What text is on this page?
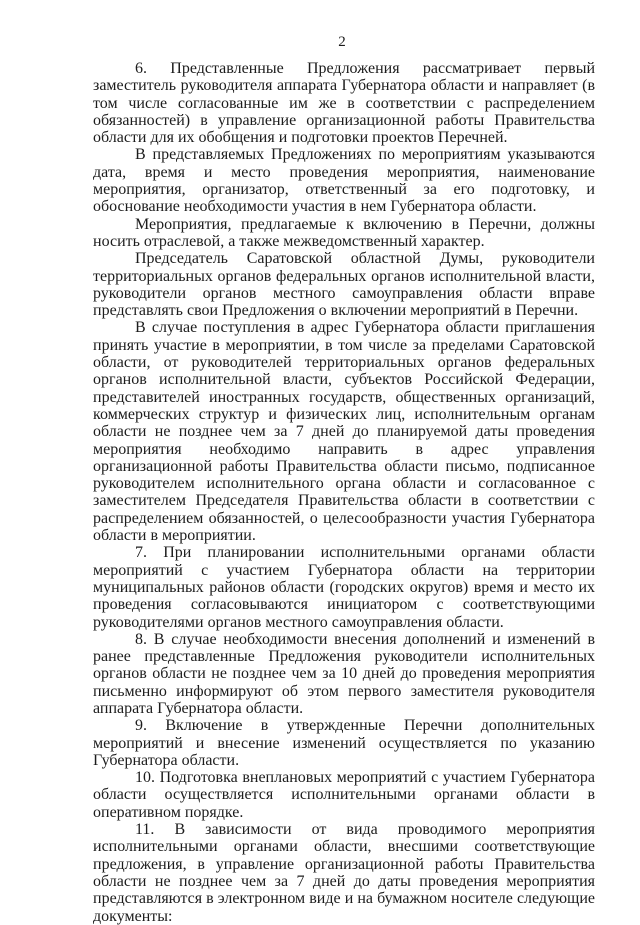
2

6. Представленные Предложения рассматривает первый заместитель руководителя аппарата Губернатора области и направляет (в том числе согласованные им же в соответствии с распределением обязанностей) в управление организационной работы Правительства области для их обобщения и подготовки проектов Перечней.

В представляемых Предложениях по мероприятиям указываются дата, время и место проведения мероприятия, наименование мероприятия, организатор, ответственный за его подготовку, и обоснование необходимости участия в нем Губернатора области.

Мероприятия, предлагаемые к включению в Перечни, должны носить отраслевой, а также межведомственный характер.

Председатель Саратовской областной Думы, руководители территориальных органов федеральных органов исполнительной власти, руководители органов местного самоуправления области вправе представлять свои Предложения о включении мероприятий в Перечни.

В случае поступления в адрес Губернатора области приглашения принять участие в мероприятии, в том числе за пределами Саратовской области, от руководителей территориальных органов федеральных органов исполнительной власти, субъектов Российской Федерации, представителей иностранных государств, общественных организаций, коммерческих структур и физических лиц, исполнительным органам области не позднее чем за 7 дней до планируемой даты проведения мероприятия необходимо направить в адрес управления организационной работы Правительства области письмо, подписанное руководителем исполнительного органа области и согласованное с заместителем Председателя Правительства области в соответствии с распределением обязанностей, о целесообразности участия Губернатора области в мероприятии.

7. При планировании исполнительными органами области мероприятий с участием Губернатора области на территории муниципальных районов области (городских округов) время и место их проведения согласовываются инициатором с соответствующими руководителями органов местного самоуправления области.

8. В случае необходимости внесения дополнений и изменений в ранее представленные Предложения руководители исполнительных органов области не позднее чем за 10 дней до проведения мероприятия письменно информируют об этом первого заместителя руководителя аппарата Губернатора области.

9. Включение в утвержденные Перечни дополнительных мероприятий и внесение изменений осуществляется по указанию Губернатора области.

10. Подготовка внеплановых мероприятий с участием Губернатора области осуществляется исполнительными органами области в оперативном порядке.

11. В зависимости от вида проводимого мероприятия исполнительными органами области, внесшими соответствующие предложения, в управление организационной работы Правительства области не позднее чем за 7 дней до даты проведения мероприятия представляются в электронном виде и на бумажном носителе следующие документы:
